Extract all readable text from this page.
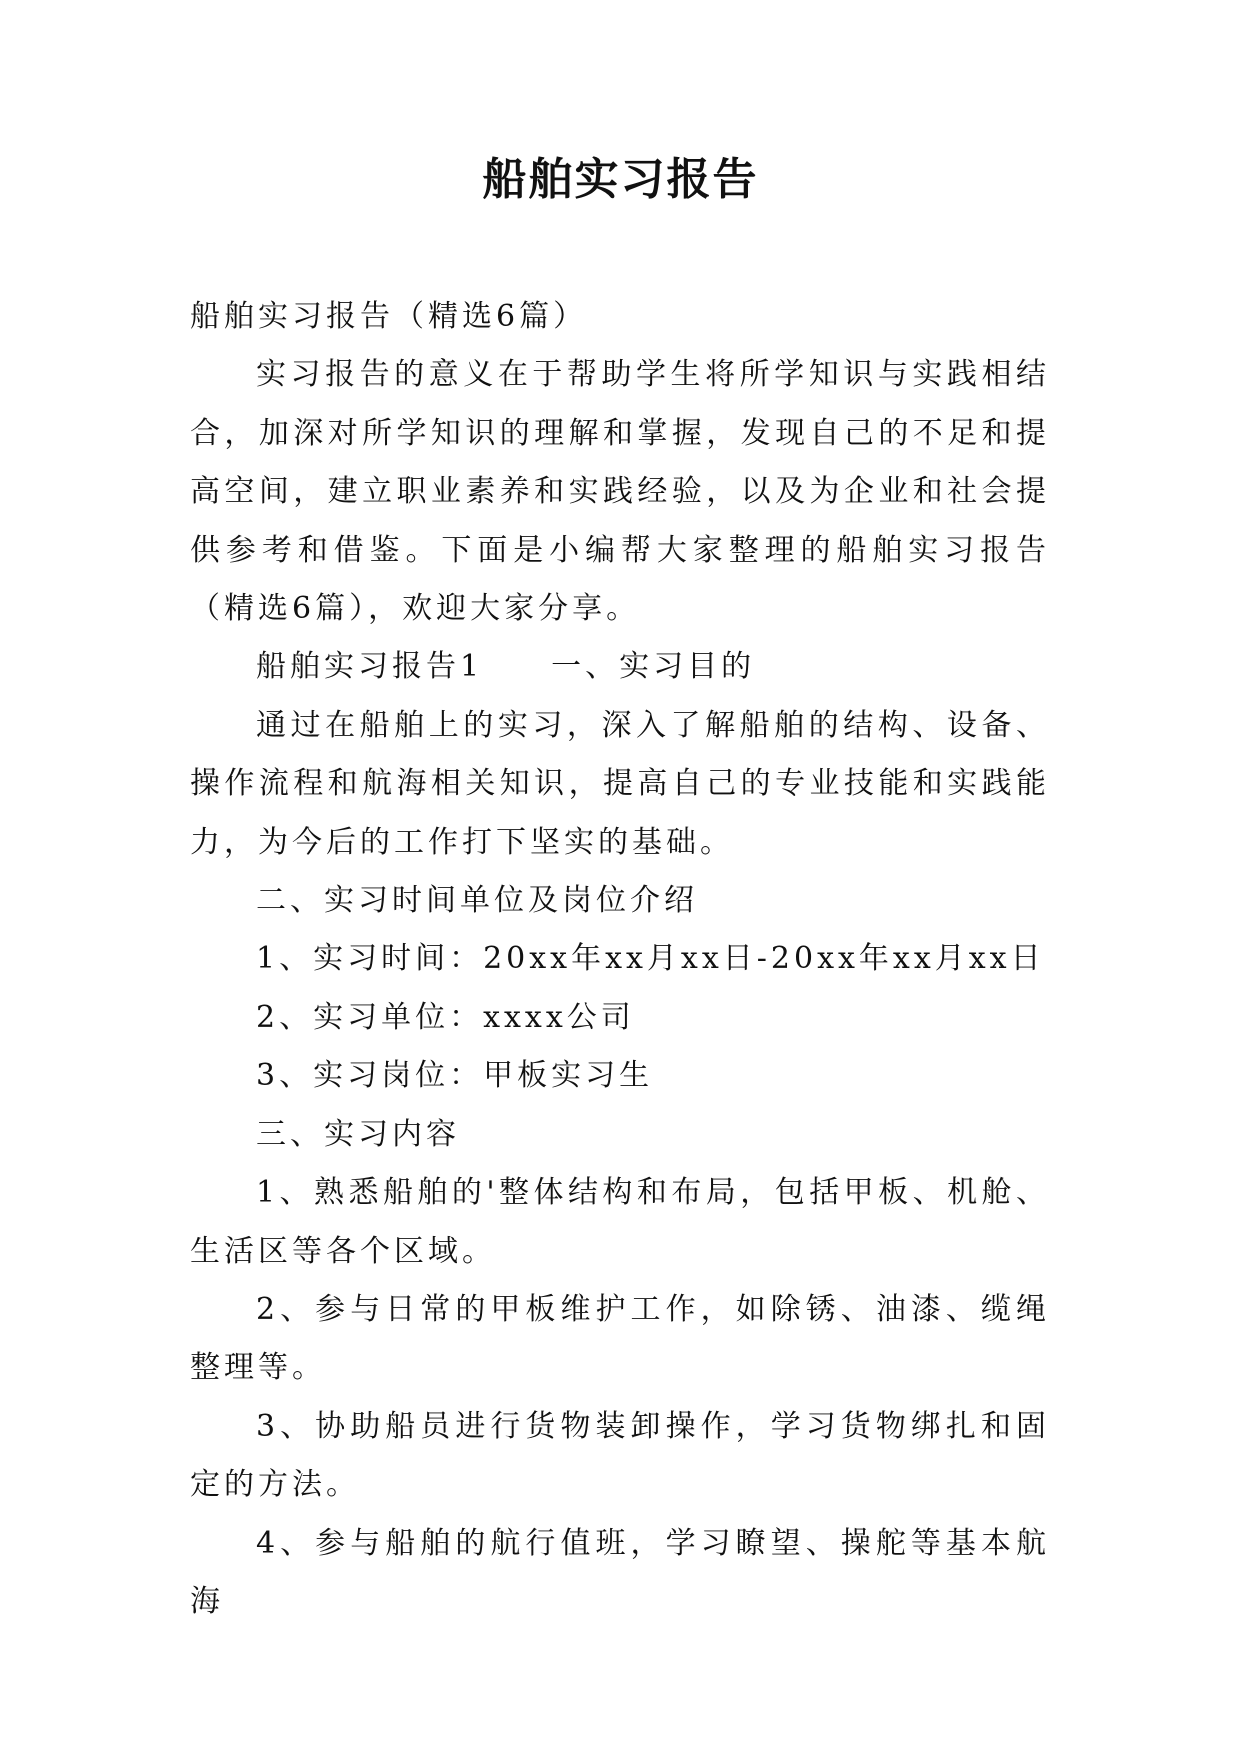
船舶实习报告

船舶实习报告（精选6篇）

实习报告的意义在于帮助学生将所学知识与实践相结合，加深对所学知识的理解和掌握，发现自己的不足和提高空间，建立职业素养和实践经验，以及为企业和社会提供参考和借鉴。下面是小编帮大家整理的船舶实习报告（精选6篇），欢迎大家分享。

船舶实习报告1　　一、实习目的

通过在船舶上的实习，深入了解船舶的结构、设备、操作流程和航海相关知识，提高自己的专业技能和实践能力，为今后的工作打下坚实的基础。

二、实习时间单位及岗位介绍

1、实习时间：20xx年xx月xx日-20xx年xx月xx日

2、实习单位：xxxx公司

3、实习岗位：甲板实习生

三、实习内容

1、熟悉船舶的'整体结构和布局，包括甲板、机舱、生活区等各个区域。

2、参与日常的甲板维护工作，如除锈、油漆、缆绳整理等。

3、协助船员进行货物装卸操作，学习货物绑扎和固定的方法。

4、参与船舶的航行值班，学习瞭望、操舵等基本航海
